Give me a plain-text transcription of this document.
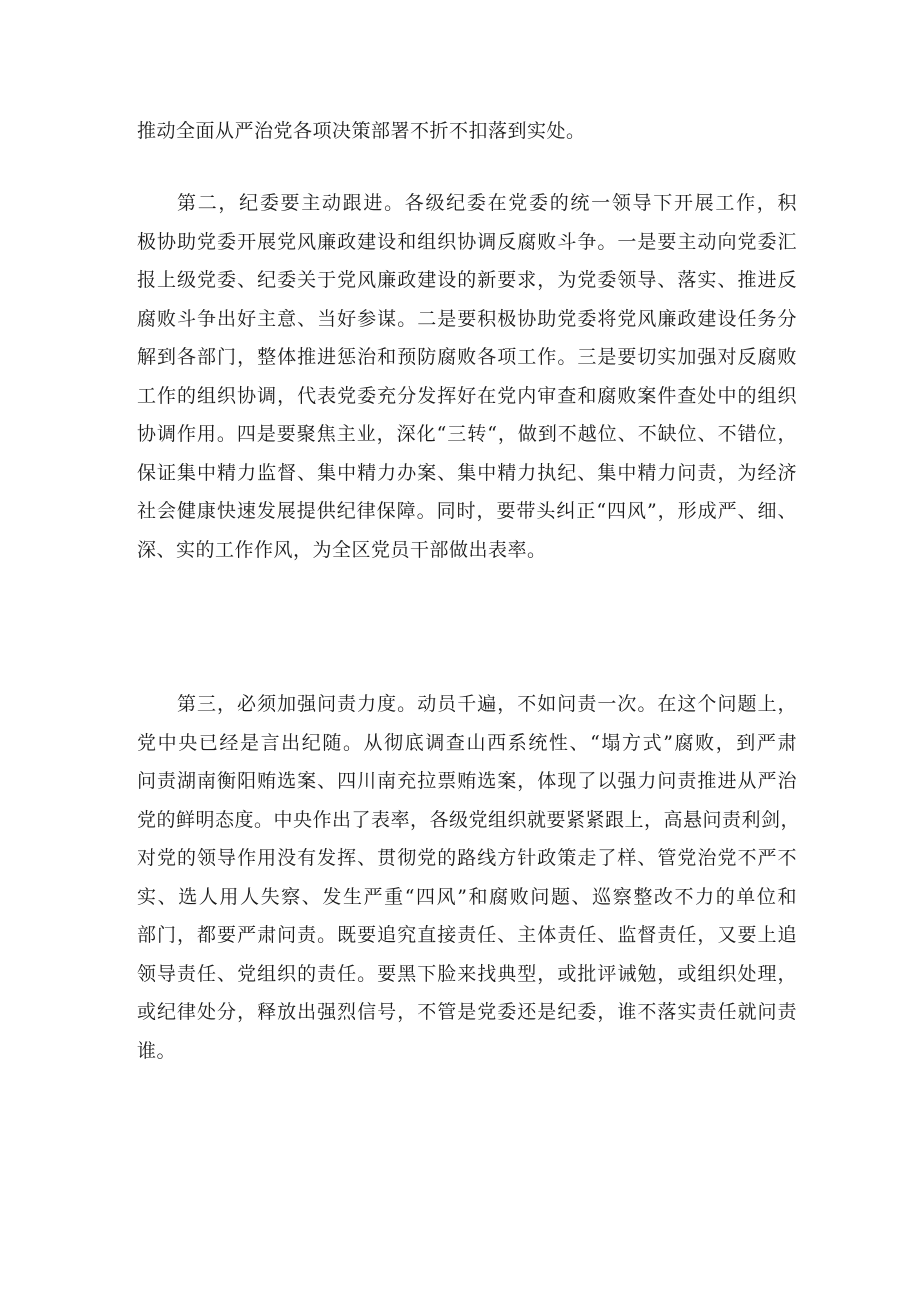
推动全面从严治党各项决策部署不折不扣落到实处。
第二，纪委要主动跟进。各级纪委在党委的统一领导下开展工作，积
极协助党委开展党风廉政建设和组织协调反腐败斗争。一是要主动向党委汇
报上级党委、纪委关于党风廉政建设的新要求，为党委领导、落实、推进反
腐败斗争出好主意、当好参谋。二是要积极协助党委将党风廉政建设任务分
解到各部门，整体推进惩治和预防腐败各项工作。三是要切实加强对反腐败
工作的组织协调，代表党委充分发挥好在党内审查和腐败案件查处中的组织
协调作用。四是要聚焦主业，深化“三转“，做到不越位、不缺位、不错位，
保证集中精力监督、集中精力办案、集中精力执纪、集中精力问责，为经济
社会健康快速发展提供纪律保障。同时，要带头纠正“四风”，形成严、细、
深、实的工作作风，为全区党员干部做出表率。
第三，必须加强问责力度。动员千遍，不如问责一次。在这个问题上，
党中央已经是言出纪随。从彻底调查山西系统性、“塌方式”腐败，到严肃
问责湖南衡阳贿选案、四川南充拉票贿选案，体现了以强力问责推进从严治
党的鲜明态度。中央作出了表率，各级党组织就要紧紧跟上，高悬问责利剑，
对党的领导作用没有发挥、贯彻党的路线方针政策走了样、管党治党不严不
实、选人用人失察、发生严重“四风”和腐败问题、巡察整改不力的单位和
部门，都要严肃问责。既要追究直接责任、主体责任、监督责任，又要上追
领导责任、党组织的责任。要黑下脸来找典型，或批评诫勉，或组织处理，
或纪律处分，释放出强烈信号，不管是党委还是纪委，谁不落实责任就问责
谁。
